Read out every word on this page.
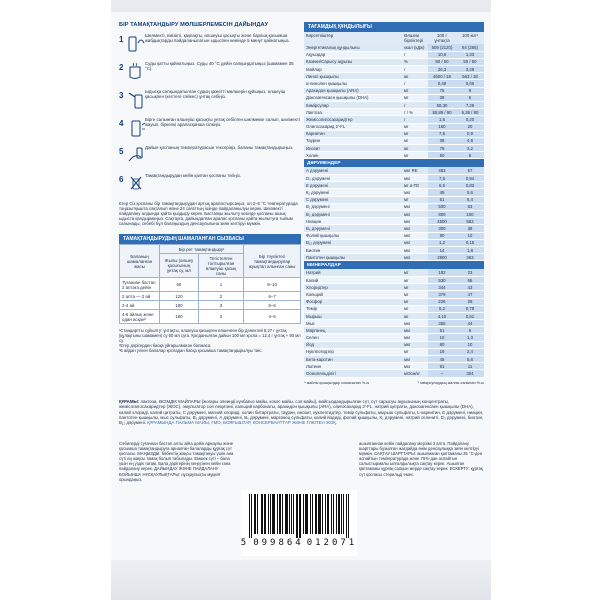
БІР ТАМАҚТАНДЫРУ МӨЛШЕРЛЕМЕСІН ДАЙЫНДАУ
1	Шөлмекті, емізікті, қақпақты, өлшеуіш қасықты және барлық қосымша жабдықтарды пайдаланылатын ыдыспен кемінде 5 минут қайнатыңыз.
2	Суды қатты қайнатыңыз. Суды 40 °С дейін салқындатыңыз (шамамен 35 °С).
3	Ыдысқа салқындатылған судың қажетті мөлшерін құйыңыз, өлшеуіш қасықпен (кестеге сәйкес) ұнтақ себіңіз.
4	Бірге салынған өлшеуіш қасықты ұнтақ себілген шөлмекке салып, шөлмекті жауып, біркелкі араласқанша сілкіңіз.
5	Дайын қоспаның температурасын тексеріңіз, баланы тамақтандырыңыз.
6	Тамақтандырудан кейін қалған қоспаны төгіңіз.
Егер Сіз қоспаны бір тамақтандырудан артық араластырсаңыз, ол 2–6 °С температурада тоңазытқышта сақталып және 24 сағаттың ішінде пайдаланылуы керек. Шөлмекті пайдалану алдында қайта қыздыру керек. Бастапқы жылыту кезінде қоспаны ашық ыдыста қалдырмаңыз. Сақтауға, дайындалған аралас қоспаны қайта жылытуға тыйым салынады, себебі бұл балаңыздың денсаулығына зиян келтіруі мүмкін.
ТАМАҚТАНДЫРУДЫҢ ШАМАЛАНҒАН СЫЗБАСЫ
Баланың шамаланған жасы	Бір рет тамақтандыру¹		Бір тәуліктегі тамақтандырулар жуықтап алынған саны
	Жылы (өлшеу қасығының ұнтақ су, мл	Тегістелген толтырылған өлшеуіш қасық саны	
Туғаннан бастап 2 аптаға дейін	60	1	8–10
2 апта — 2 ай	120	2	6–7
2-4 ай	180	3	5–6
4-6 айлық және одан асқан²	180	3	4–5
¹Стандартты сұйылту: ұнтақты, өлшеуіш қасықпен өлшенген бір дәнектей 8,27 г ұнтақ (құлақтыны шамамен) су 60 мл суға. Қолданылған дайын 100 мл қоспа = 12,4 г ұнтақ + 90 мл су.
²Егер дәрігерден басқа ұйғарылмаған болмаса.
³6 айдан үлкен балалар қоспадан басқа қосымша тамақтандырылуы тиіс.
ТАҒАМДЫҚ ҚҰНДЫЛЫҒЫ
Көрсеткіштер	Өлшем бірліктері
100 г ұнтақта
100 мл⁴
Энергетикалық құндылығы	ккал (кДж)	509 (2120)	64 (266)
Ақуыздар	г	10,6	1,33
Казеин/Сарысу ақуызы	%	50 / 50	50 / 50
Майлар	г	26,3	3,29
Линол қышқылы	мг	4500 / 18	563 / 18
α-линолен қышқылы	г	0,48	0,06
Арахидон қышқылы (ARA)	мг	75	9
Докозагексаен қышқылы (DHA)	мг	38	5
Көмірсулар	г	58,30	7,29
Лактоза	г / %	50,89 / 90	6,36 / 90
Жемісолигосахаридтер	г	1,6	0,20
Олигосахарид 2'-FL	мг	160	20
Карнитин	мг	7,5	0,9
Таурин	мг	38	4,8
Инозит	мг	78	3,2
Холин	мг	50	6
ДӘРУМЕНДЕР
А дәрумені	мкг RE	453	57
D₃ дәрумені	мкг	7,5	0,94
Е дәрумені	мг α-TE	6,6	0,83
К₁ дәрумені	мкг	45	5,6
С дәрумені	мг	51	6,4
В₁ дәрумені	мкг	500	63
В₂ дәрумені	мкг	800	100
Ниацин	мкг	4500	563
В₆ дәрумені	мкг	300	38
Фолий қышқылы	мкг	80	10
В₁₂ дәрумені	мкг	1,2	0,15
Биотин	мкг	14	1,8
Пантотен қышқылы	мкг	2900	363
МИНЕРАЛДАР
Натрий	мг	182	23
Калий	мг	530	66
Хлоридтер	мг	344	43
Кальций	мг	379	47
Фосфор	мг	226	28
Темір	мг	6,2	0,78
Мырыш	мг	4,10	0,51
Мыс	мкг	355	44
Марганец	мкг	51	6
Селен	мкг	10	1,3
Йод	мкг	80	10
Нуклеотидтер	мг	19	2,4
Бета-каротин	мкг	45	5,6
Лютеин	мкг	91	11
Осмоляльділігі	мОсм/кг	–	304
⁴ майлы қышқылдар сомасынан %-ы	⁵ көмірсулардың жалпы санынан %-ы
ҚҰРАМЫ: лактоза, ӨСІМДІК МАЙЛАРЫ (жоғары олеинді күнбағыс майы, кокос майы, соя майы), майсыздандырылған сүт, сүт сарысуы ақуызының концентраты, жемісолигосахаридтер (ЖОС), эмульгатор соя лецитині, кальций карбонаты, арахидон қышқылы (ARA), олигосахарид 2'-FL, натрий цитраты, докозагексаен қышқылы (DHA), калий хлориді, калий цитраты, С дәрумені, магний хлориді, холин битартраты, таурин, инозит, нуклеотидтер, темір сульфаты, мырыш сульфаты, L-карнитин, Е дәрумені, ниацин, пантотен қышқылы, мыс сульфаты, В₁ дәрумені, А дәрумені, В₆ дәрумені, марганец сульфаты, калий йодиді, фолий қышқылы, К₁ дәрумені, натрий селениті, D₃ дәрумені, биотин, В₁₂ дәрумені. ҚҰРАМЫНДА ПАЛЬМА МАЙЫ, ГМО, БОЯҒЫШТАР, КОНСЕРВАНТТАР ЖӘНЕ ГЛЮТЕН ЖОҚ.
Сәбилерді туғаннан бастап алты айға дейін арнаулы және қосымша тамақтандыруға арналған балаларды құрғақ сүт қоспасы. МАҢЫЗДЫ: бөбектің жақсы тамақтануы үшін ана сүті ең жақсы тамақ болып табылады. Емшек сүті – бала үшін ең үздік тағам. Бала дәрігерінің кеңесінен кейін ғана пайдалану керек. ДАЙЫНДАУ ЖӘНЕ ПАЙДАЛАНУ БОЙЫНША НҰСҚАУЛЫҚТАРЫ: нұсқаулықты мұқият орындаңыз.
ашылғаннан кейін пайдалану мерзімі 3 апта. Пайдалану шарттары бұзылған жағдайда өнім денсаулыққа зиян келтіруі мүмкін. САҚТАУ ШАРТТАРЫ: ашылмаған қаптаманы 25 °С-ден аспайтын температурада және 75%-дан аспайтын салыстырмалы ылғалдылықта сақтау керек. Ашылған қаптаманы құрғақ салқын жерде сақтау керек. ЕСКЕРТУ: құрғақ сүт қоспасы стерильді емес.
5 099864 012071
